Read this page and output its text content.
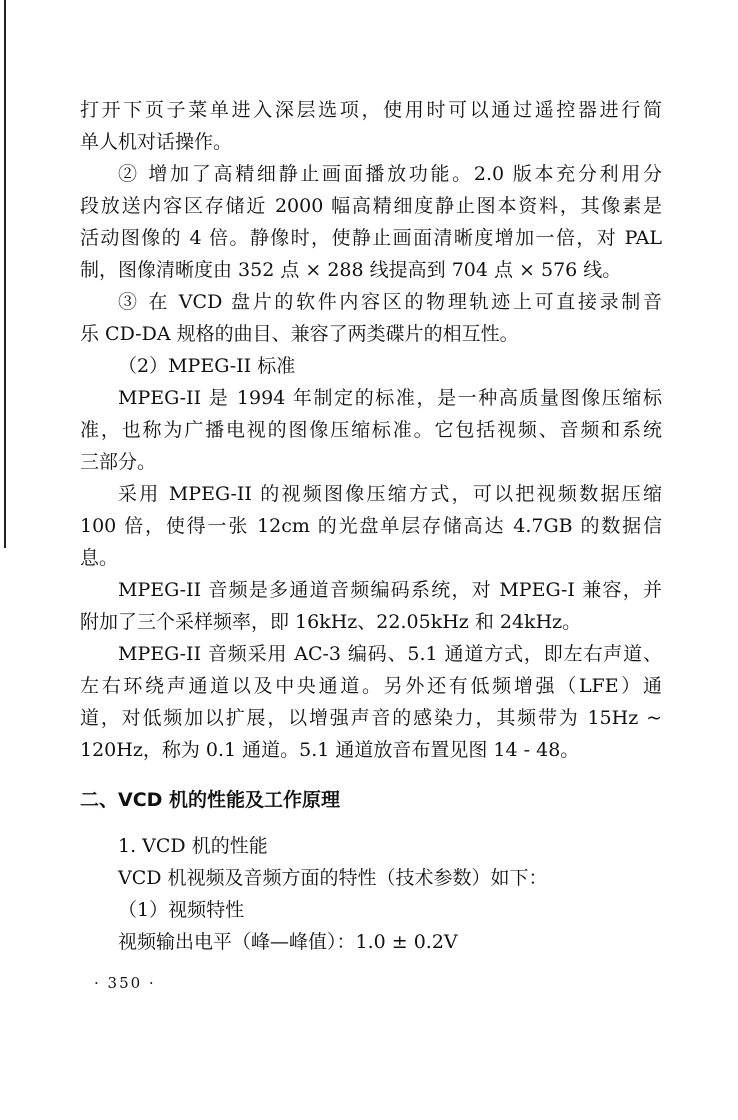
打开下页子菜单进入深层选项，使用时可以通过遥控器进行简
单人机对话操作。
② 增加了高精细静止画面播放功能。2.0 版本充分利用分
段放送内容区存储近 2000 幅高精细度静止图本资料，其像素是
活动图像的 4 倍。静像时，使静止画面清晰度增加一倍，对 PAL
制，图像清晰度由 352 点 × 288 线提高到 704 点 × 576 线。
③ 在 VCD 盘片的软件内容区的物理轨迹上可直接录制音
乐 CD-DA 规格的曲目、兼容了两类碟片的相互性。
（2）MPEG-II 标准
MPEG-II 是 1994 年制定的标准，是一种高质量图像压缩标
准，也称为广播电视的图像压缩标准。它包括视频、音频和系统
三部分。
采用 MPEG-II 的视频图像压缩方式，可以把视频数据压缩
100 倍，使得一张 12cm 的光盘单层存储高达 4.7GB 的数据信
息。
MPEG-II 音频是多通道音频编码系统，对 MPEG-I 兼容，并
附加了三个采样频率，即 16kHz、22.05kHz 和 24kHz。
MPEG-II 音频采用 AC-3 编码、5.1 通道方式，即左右声道、
左右环绕声通道以及中央通道。另外还有低频增强（LFE）通
道，对低频加以扩展，以增强声音的感染力，其频带为 15Hz ~
120Hz，称为 0.1 通道。5.1 通道放音布置见图 14 - 48。
二、VCD 机的性能及工作原理
1. VCD 机的性能
VCD 机视频及音频方面的特性（技术参数）如下：
（1）视频特性
视频输出电平（峰—峰值）：1.0 ± 0.2V
· 350 ·
